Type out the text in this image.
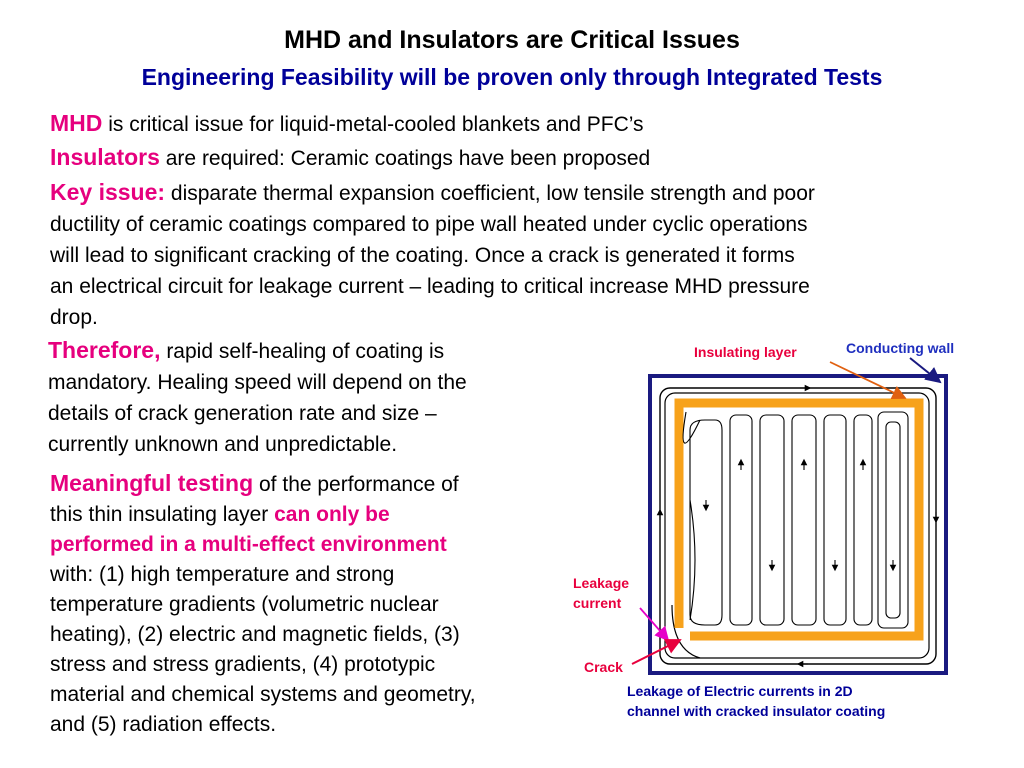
MHD and Insulators are Critical Issues
Engineering Feasibility will be proven only through Integrated Tests
MHD is critical issue for liquid-metal-cooled blankets and PFC’s
Insulators are required: Ceramic coatings have been proposed
Key issue: disparate thermal expansion coefficient, low tensile strength and poor
ductility of ceramic coatings compared to pipe wall heated under cyclic operations
will lead to significant cracking of the coating. Once a crack is generated it forms
an electrical circuit for leakage current – leading to critical increase MHD pressure
drop.
Therefore, rapid self-healing of coating is
mandatory. Healing speed will depend on the
details of crack generation rate and size –
currently unknown and unpredictable.
Meaningful testing of the performance of
this thin insulating layer can only be
performed in a multi-effect environment
with: (1) high temperature and strong
temperature gradients (volumetric nuclear
heating), (2) electric and magnetic fields, (3)
stress and stress gradients, (4) prototypic
material and chemical systems and geometry,
and (5) radiation effects.
Insulating layer	Conducting wall
Leakage
current
Crack
Leakage of Electric currents in 2D
channel with cracked insulator coating
